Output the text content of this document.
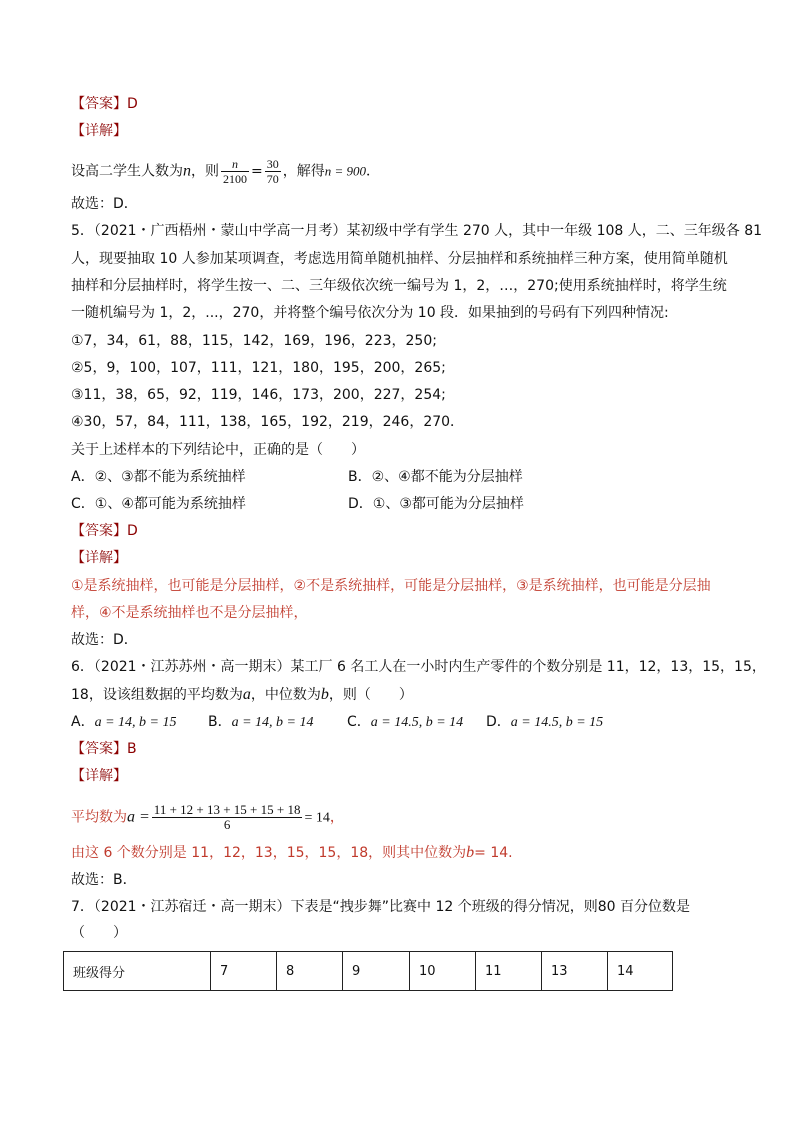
【答案】D
【详解】
设高二学生人数为n，则 $\frac{n}{2100} = \frac{30}{70}$ ，解得n = 900．
故选：D．
5．（2021・广西梧州・蒙山中学高一月考）某初级中学有学生 270 人，其中一年级 108 人，二、三年级各 81
人，现要抽取 10 人参加某项调查，考虑选用简单随机抽样、分层抽样和系统抽样三种方案，使用简单随机
抽样和分层抽样时，将学生按一、二、三年级依次统一编号为 1，2，…，270;使用系统抽样时，将学生统
一随机编号为 1，2，...，270，并将整个编号依次分为 10 段．如果抽到的号码有下列四种情况:
①7，34，61，88，115，142，169，196，223，250;
②5，9，100，107，111，121，180，195，200，265;
③11，38，65，92，119，146，173，200，227，254;
④30，57，84，111，138，165，192，219，246，270．
关于上述样本的下列结论中，正确的是（　　）
A．②、③都不能为系统抽样	B．②、④都不能为分层抽样
C．①、④都可能为系统抽样	D．①、③都可能为分层抽样
【答案】D
【详解】
①是系统抽样，也可能是分层抽样，②不是系统抽样，可能是分层抽样，③是系统抽样，也可能是分层抽
样，④不是系统抽样也不是分层抽样，
故选：D．
6．（2021・江苏苏州・高一期末）某工厂 6 名工人在一小时内生产零件的个数分别是 11，12，13，15，15，
18，设该组数据的平均数为a，中位数为b，则（　　）
A．a = 14, b = 15 B．a = 14, b = 14 C．a = 14.5, b = 14 D．a = 14.5, b = 15
【答案】B
【详解】
平均数为$a = \frac{11 + 12 + 13 + 15 + 15 + 18}{6} = 14$，
由这 6 个数分别是 11，12，13，15，15，18，则其中位数为b= 14.
故选：B．
7．（2021・江苏宿迁・高一期末）下表是“拽步舞”比赛中 12 个班级的得分情况，则80 百分位数是
（　　）
班级得分	7	8	9	10	11	13	14
